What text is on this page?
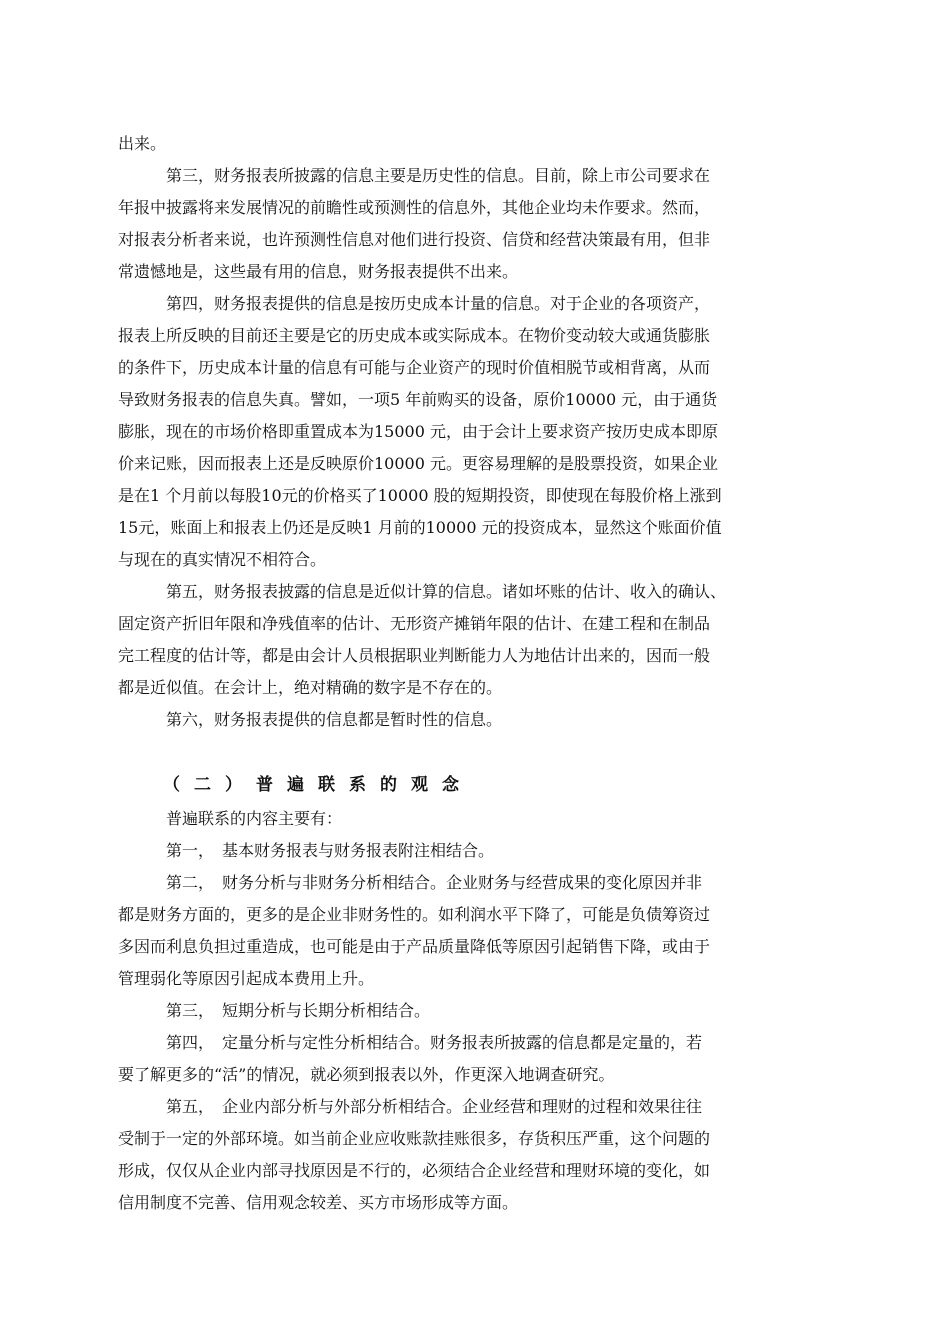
出来。
　　　第三，财务报表所披露的信息主要是历史性的信息。目前，除上市公司要求在
年报中披露将来发展情况的前瞻性或预测性的信息外，其他企业均未作要求。然而，
对报表分析者来说，也许预测性信息对他们进行投资、信贷和经营决策最有用，但非
常遗憾地是，这些最有用的信息，财务报表提供不出来。
　　　第四，财务报表提供的信息是按历史成本计量的信息。对于企业的各项资产，
报表上所反映的目前还主要是它的历史成本或实际成本。在物价变动较大或通货膨胀
的条件下，历史成本计量的信息有可能与企业资产的现时价值相脱节或相背离，从而
导致财务报表的信息失真。譬如，一项5 年前购买的设备，原价10000 元，由于通货
膨胀，现在的市场价格即重置成本为15000 元，由于会计上要求资产按历史成本即原
价来记账，因而报表上还是反映原价10000 元。更容易理解的是股票投资，如果企业
是在1 个月前以每股10元的价格买了10000 股的短期投资，即使现在每股价格上涨到
15元，账面上和报表上仍还是反映1 月前的10000 元的投资成本，显然这个账面价值
与现在的真实情况不相符合。
　　　第五，财务报表披露的信息是近似计算的信息。诸如坏账的估计、收入的确认、
固定资产折旧年限和净残值率的估计、无形资产摊销年限的估计、在建工程和在制品
完工程度的估计等，都是由会计人员根据职业判断能力人为地估计出来的，因而一般
都是近似值。在会计上，绝对精确的数字是不存在的。
　　　第六，财务报表提供的信息都是暂时性的信息。
（二）普遍联系的观念
　　　普遍联系的内容主要有：
　　　第一，　基本财务报表与财务报表附注相结合。
　　　第二，　财务分析与非财务分析相结合。企业财务与经营成果的变化原因并非
都是财务方面的，更多的是企业非财务性的。如利润水平下降了，可能是负债筹资过
多因而利息负担过重造成，也可能是由于产品质量降低等原因引起销售下降，或由于
管理弱化等原因引起成本费用上升。
　　　第三，　短期分析与长期分析相结合。
　　　第四，　定量分析与定性分析相结合。财务报表所披露的信息都是定量的，若
要了解更多的“活”的情况，就必须到报表以外，作更深入地调查研究。
　　　第五，　企业内部分析与外部分析相结合。企业经营和理财的过程和效果往往
受制于一定的外部环境。如当前企业应收账款挂账很多，存货积压严重，这个问题的
形成，仅仅从企业内部寻找原因是不行的，必须结合企业经营和理财环境的变化，如
信用制度不完善、信用观念较差、买方市场形成等方面。
